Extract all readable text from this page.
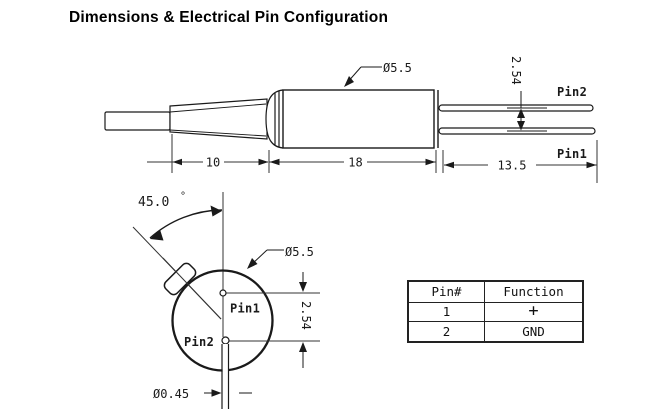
Dimensions & Electrical Pin Configuration
Ø5.5	2.54
Pin2
Pin1
10	18	13.5
45.0 °
Ø5.5
Pin1
Pin2
2.54
Ø0.45
Pin#	Function
1	+
2	GND
